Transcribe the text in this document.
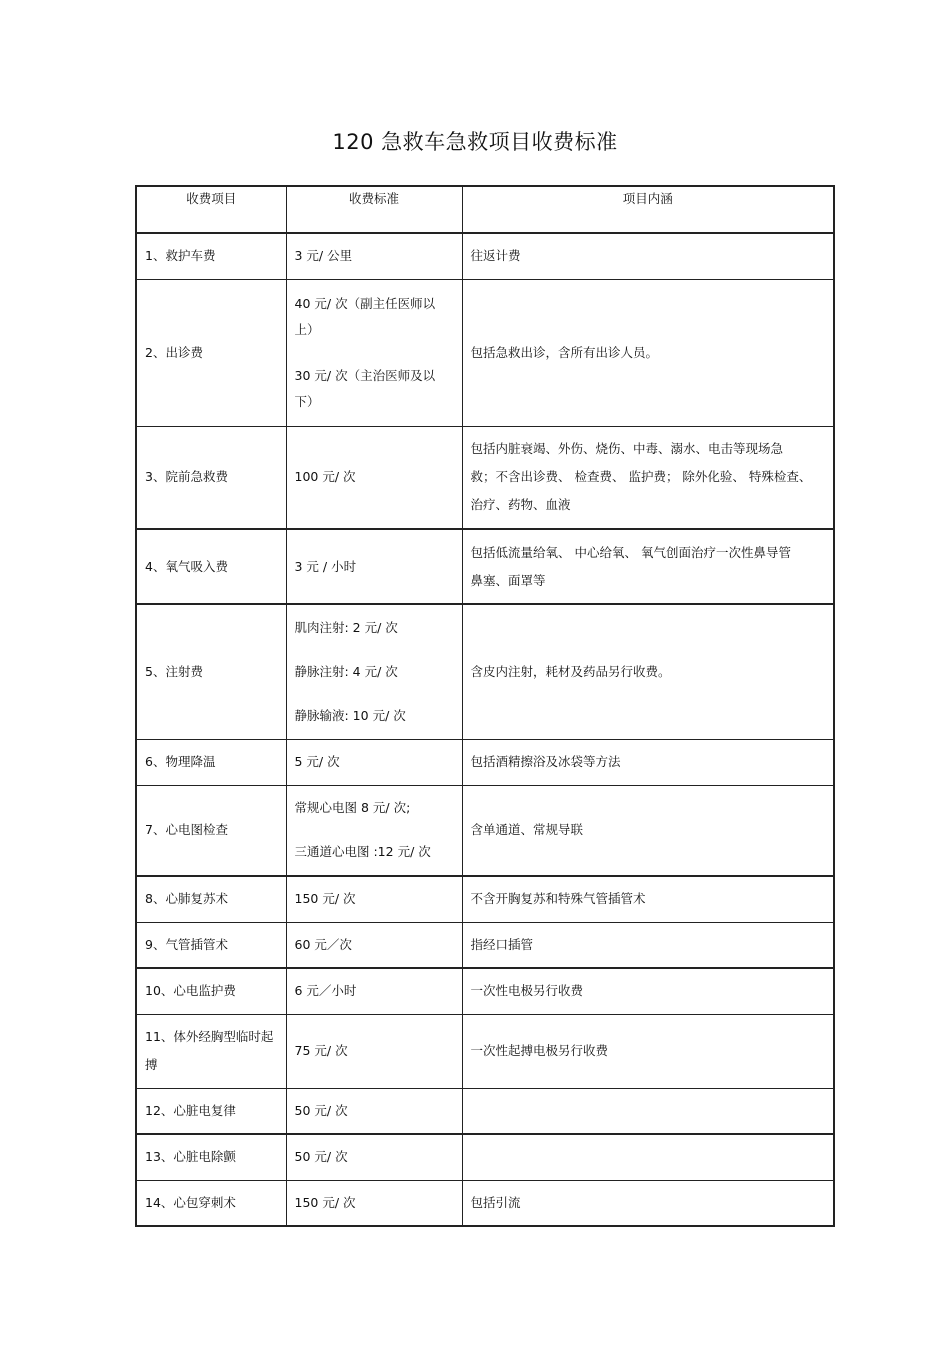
120 急救车急救项目收费标准
收费项目	收费标准	项目内涵
1、救护车费	3 元/ 公里	往返计费

2、出诊费	40 元/ 次（副主任医师以
上）
30 元/ 次（主治医师及以
下）	包括急救出诊，含所有出诊人员。

3、院前急救费	100 元/ 次	包括内脏衰竭、外伤、烧伤、中毒、溺水、电击等现场急
救；不含出诊费、 检查费、 监护费； 除外化验、 特殊检查、
治疗、药物、血液

4、氧气吸入费	3 元 / 小时	包括低流量给氧、 中心给氧、 氧气创面治疗一次性鼻导管
鼻塞、面罩等

5、注射费	肌肉注射: 2 元/ 次
静脉注射: 4 元/ 次
静脉输液: 10 元/ 次	含皮内注射，耗材及药品另行收费。

6、物理降温	5 元/ 次	包括酒精擦浴及冰袋等方法

7、心电图检查	常规心电图 8 元/ 次;
三通道心电图 :12 元/ 次	含单通道、常规导联

8、心肺复苏术	150 元/ 次	不含开胸复苏和特殊气管插管术

9、气管插管术	60 元／次	指经口插管

10、心电监护费	6 元／小时	一次性电极另行收费

11、体外经胸型临时起搏	75 元/ 次	一次性起搏电极另行收费

12、心脏电复律	50 元/ 次	

13、心脏电除颤	50 元/ 次	

14、心包穿刺术	150 元/ 次	包括引流
